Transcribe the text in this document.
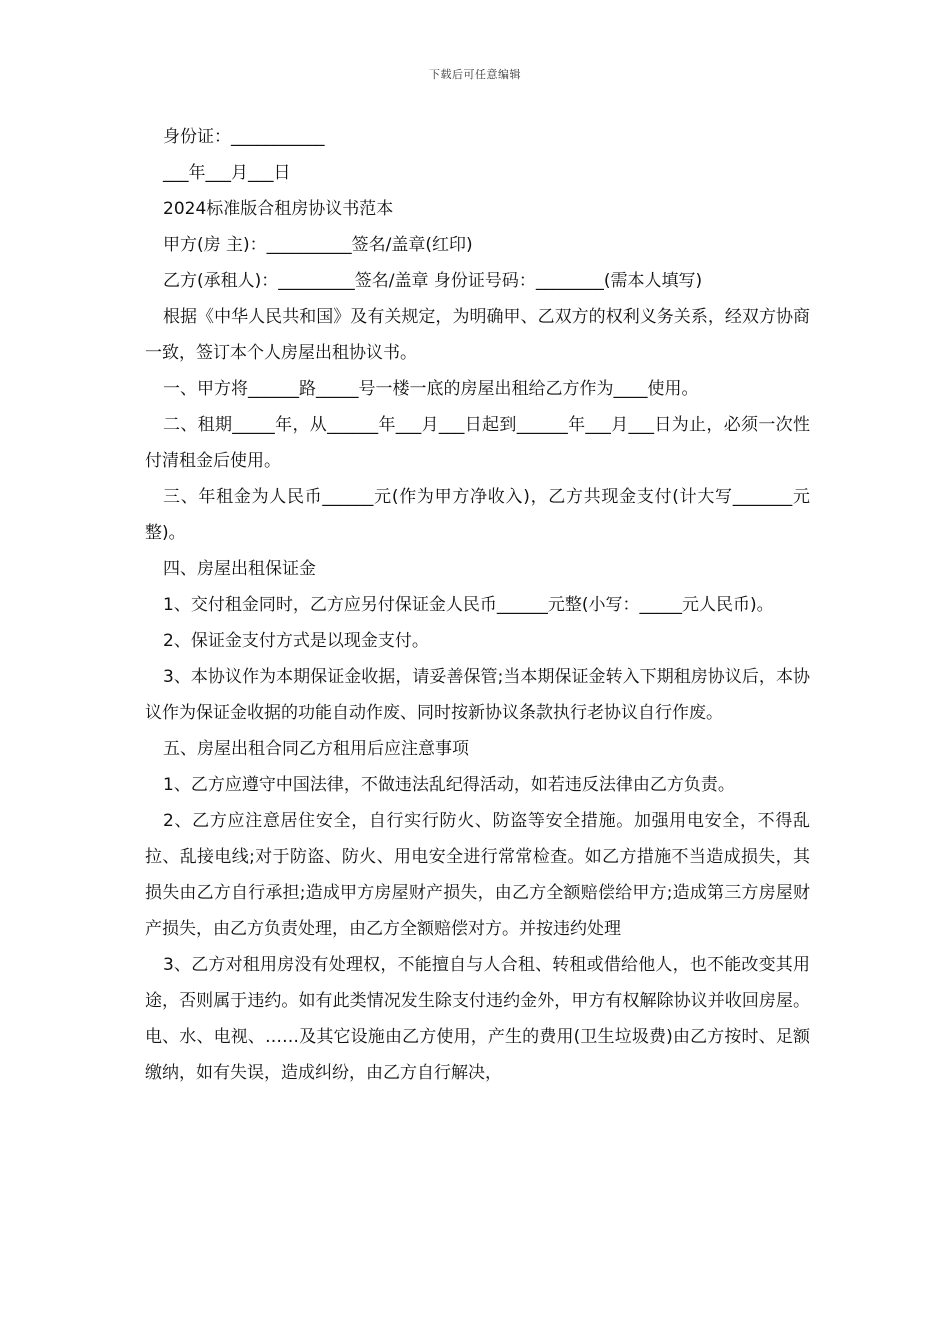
下载后可任意编辑

身份证：___________

___年___月___日

2024标准版合租房协议书范本

甲方(房 主)：__________签名/盖章(红印)

乙方(承租人)：_________签名/盖章 身份证号码：________(需本人填写)

根据《中华人民共和国》及有关规定，为明确甲、乙双方的权利义务关系，经双方协商一致，签订本个人房屋出租协议书。

一、甲方将______路_____号一楼一底的房屋出租给乙方作为____使用。

二、租期_____年，从______年___月___日起到______年___月___日为止，必须一次性付清租金后使用。

三、年租金为人民币______元(作为甲方净收入)，乙方共现金支付(计大写_______元整)。

四、房屋出租保证金

1、交付租金同时，乙方应另付保证金人民币______元整(小写：_____元人民币)。

2、保证金支付方式是以现金支付。

3、本协议作为本期保证金收据，请妥善保管;当本期保证金转入下期租房协议后，本协议作为保证金收据的功能自动作废、同时按新协议条款执行老协议自行作废。

五、房屋出租合同乙方租用后应注意事项

1、乙方应遵守中国法律，不做违法乱纪得活动，如若违反法律由乙方负责。

2、乙方应注意居住安全，自行实行防火、防盗等安全措施。加强用电安全，不得乱拉、乱接电线;对于防盗、防火、用电安全进行常常检查。如乙方措施不当造成损失，其损失由乙方自行承担;造成甲方房屋财产损失，由乙方全额赔偿给甲方;造成第三方房屋财产损失，由乙方负责处理，由乙方全额赔偿对方。并按违约处理

3、乙方对租用房没有处理权，不能擅自与人合租、转租或借给他人，也不能改变其用途，否则属于违约。如有此类情况发生除支付违约金外，甲方有权解除协议并收回房屋。电、水、电视、……及其它设施由乙方使用，产生的费用(卫生垃圾费)由乙方按时、足额缴纳，如有失误，造成纠纷，由乙方自行解决，
